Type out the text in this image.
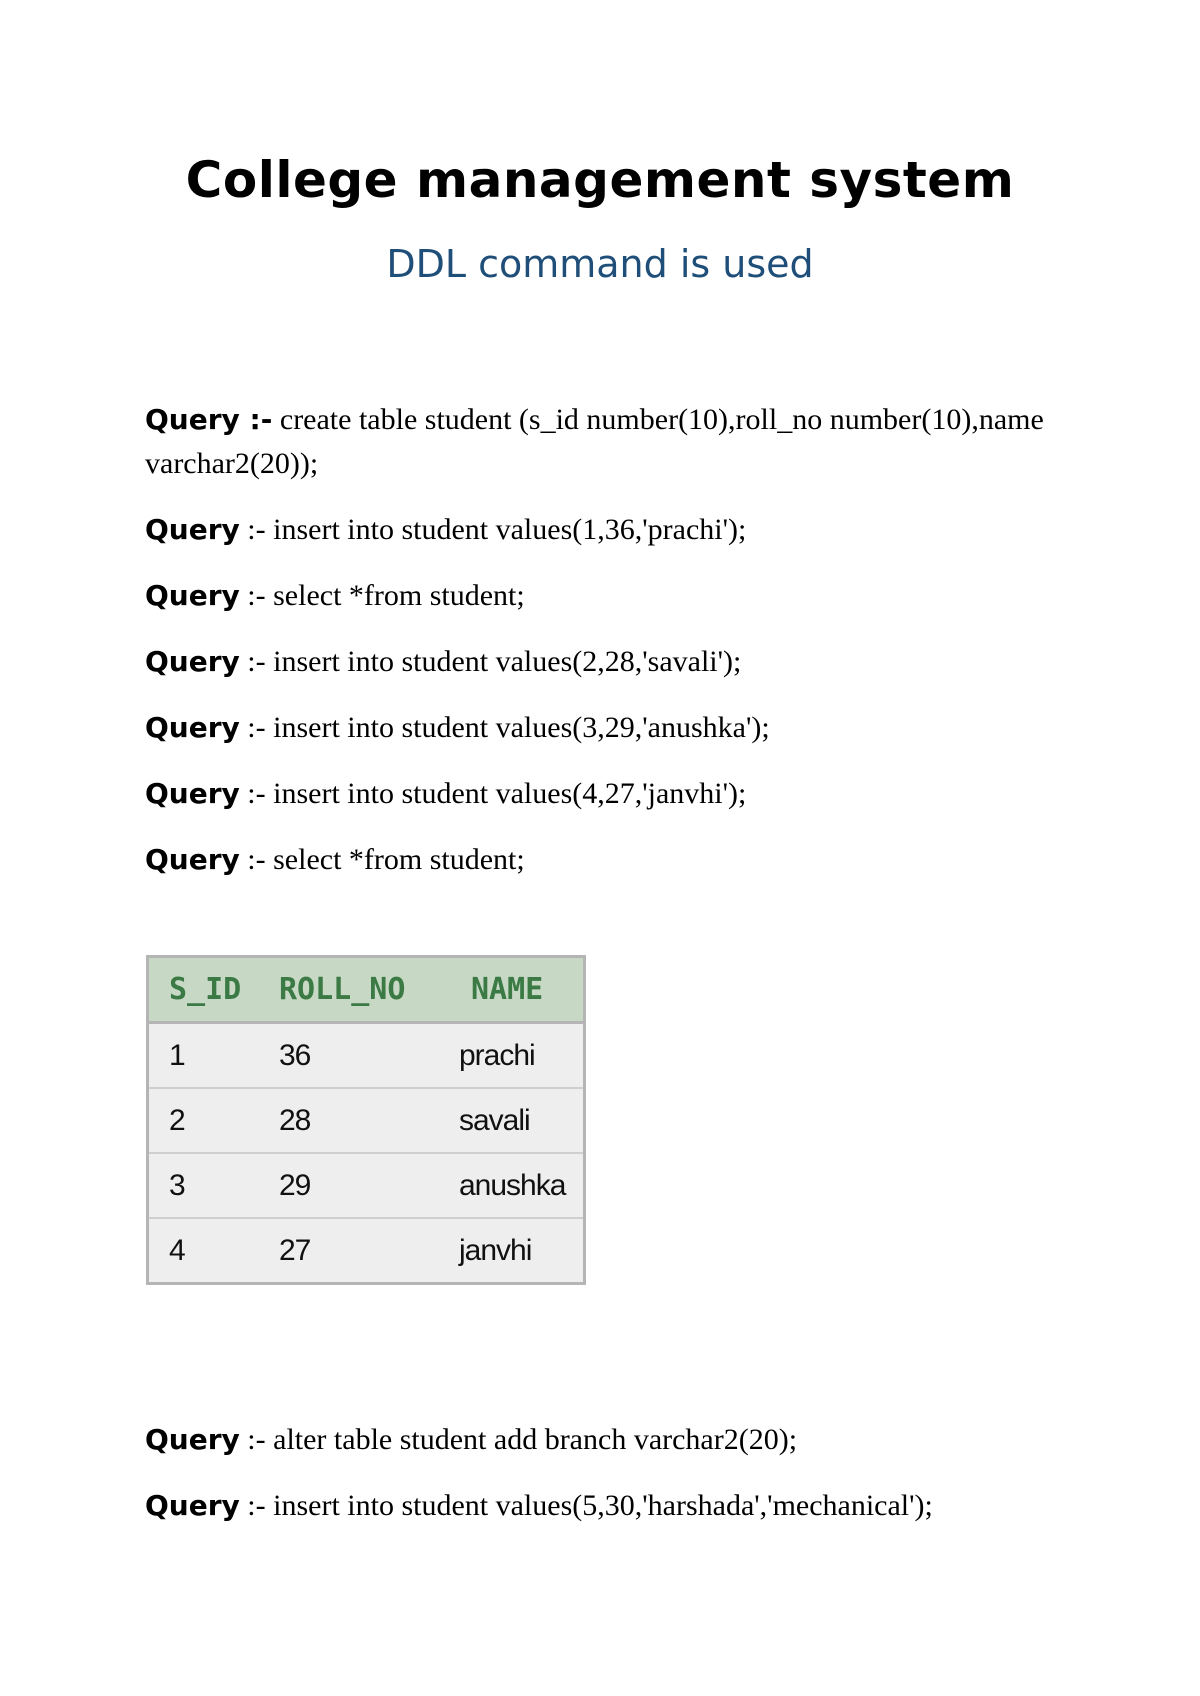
College management system
DDL command is used

Query :- create table student (s_id number(10),roll_no number(10),name varchar2(20));

Query :- insert into student values(1,36,'prachi');

Query :- select *from student;

Query :- insert into student values(2,28,'savali');

Query :- insert into student values(3,29,'anushka');

Query :- insert into student values(4,27,'janvhi');

Query :- select *from student;

S_ID	ROLL_NO	NAME
1	36	prachi
2	28	savali
3	29	anushka
4	27	janvhi

Query :- alter table student add branch varchar2(20);

Query :- insert into student values(5,30,'harshada','mechanical');
